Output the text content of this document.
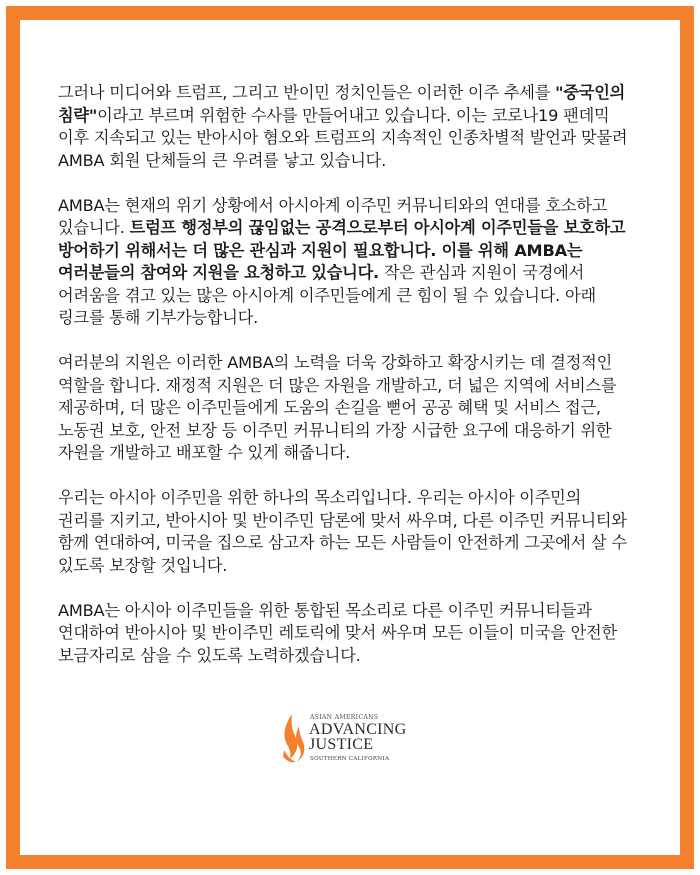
그러나 미디어와 트럼프, 그리고 반이민 정치인들은 이러한 이주 추세를 "중국인의 침략"이라고 부르며 위험한 수사를 만들어내고 있습니다. 이는 코로나19 팬데믹 이후 지속되고 있는 반아시아 혐오와 트럼프의 지속적인 인종차별적 발언과 맞물려 AMBA 회원 단체들의 큰 우려를 낳고 있습니다.

AMBA는 현재의 위기 상황에서 아시아계 이주민 커뮤니티와의 연대를 호소하고 있습니다. 트럼프 행정부의 끊임없는 공격으로부터 아시아계 이주민들을 보호하고 방어하기 위해서는 더 많은 관심과 지원이 필요합니다. 이를 위해 AMBA는 여러분들의 참여와 지원을 요청하고 있습니다. 작은 관심과 지원이 국경에서 어려움을 겪고 있는 많은 아시아계 이주민들에게 큰 힘이 될 수 있습니다. 아래 링크를 통해 기부가능합니다.

여러분의 지원은 이러한 AMBA의 노력을 더욱 강화하고 확장시키는 데 결정적인 역할을 합니다. 재정적 지원은 더 많은 자원을 개발하고, 더 넓은 지역에 서비스를 제공하며, 더 많은 이주민들에게 도움의 손길을 뻗어 공공 혜택 및 서비스 접근, 노동권 보호, 안전 보장 등 이주민 커뮤니티의 가장 시급한 요구에 대응하기 위한 자원을 개발하고 배포할 수 있게 해줍니다.

우리는 아시아 이주민을 위한 하나의 목소리입니다. 우리는 아시아 이주민의 권리를 지키고, 반아시아 및 반이주민 담론에 맞서 싸우며, 다른 이주민 커뮤니티와 함께 연대하여, 미국을 집으로 삼고자 하는 모든 사람들이 안전하게 그곳에서 살 수 있도록 보장할 것입니다.

AMBA는 아시아 이주민들을 위한 통합된 목소리로 다른 이주민 커뮤니티들과 연대하여 반아시아 및 반이주민 레토릭에 맞서 싸우며 모든 이들이 미국을 안전한 보금자리로 삼을 수 있도록 노력하겠습니다.

ASIAN AMERICANS
ADVANCING
JUSTICE
SOUTHERN CALIFORNIA
